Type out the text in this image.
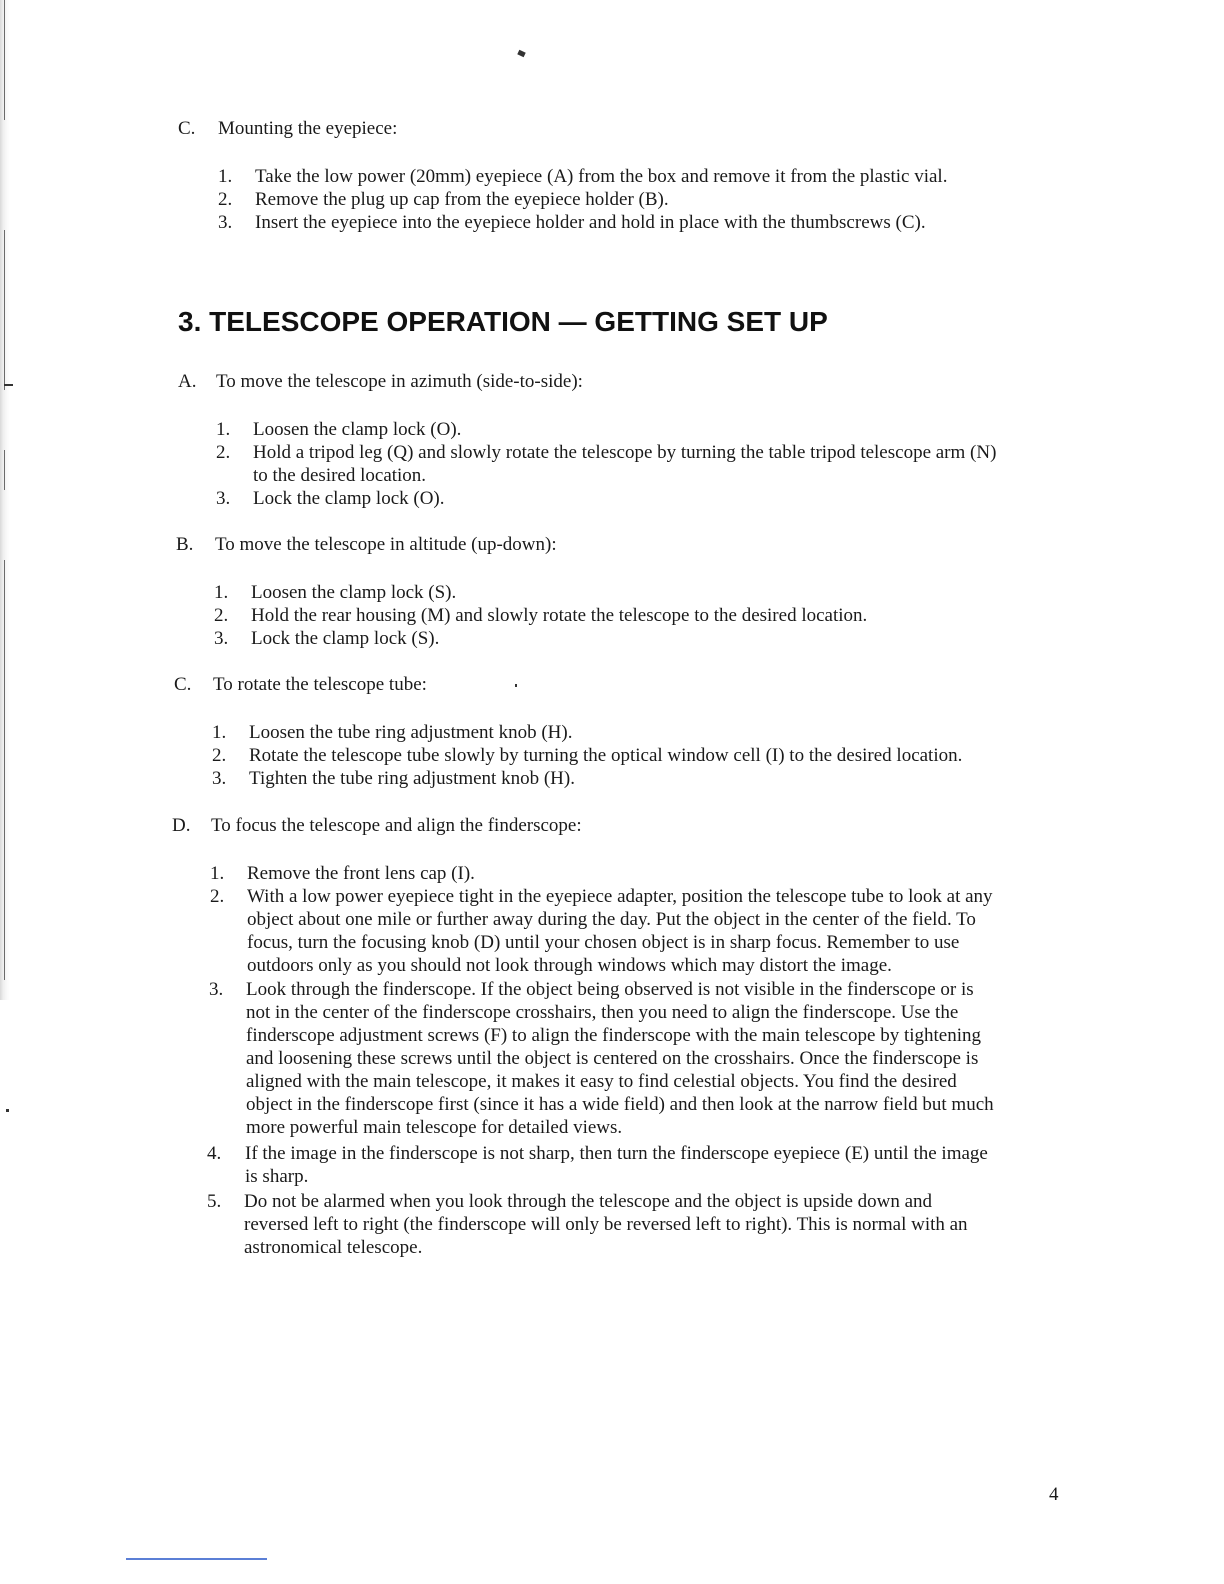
C. Mounting the eyepiece:
1. Take the low power (20mm) eyepiece (A) from the box and remove it from the plastic vial.
2. Remove the plug up cap from the eyepiece holder (B).
3. Insert the eyepiece into the eyepiece holder and hold in place with the thumbscrews (C).
3. TELESCOPE OPERATION — GETTING SET UP
A. To move the telescope in azimuth (side-to-side):
1. Loosen the clamp lock (O).
2. Hold a tripod leg (Q) and slowly rotate the telescope by turning the table tripod telescope arm (N)
to the desired location.
3. Lock the clamp lock (O).
B. To move the telescope in altitude (up-down):
1. Loosen the clamp lock (S).
2. Hold the rear housing (M) and slowly rotate the telescope to the desired location.
3. Lock the clamp lock (S).
C. To rotate the telescope tube:
1. Loosen the tube ring adjustment knob (H).
2. Rotate the telescope tube slowly by turning the optical window cell (I) to the desired location.
3. Tighten the tube ring adjustment knob (H).
D. To focus the telescope and align the finderscope:
1. Remove the front lens cap (I).
2. With a low power eyepiece tight in the eyepiece adapter, position the telescope tube to look at any
object about one mile or further away during the day. Put the object in the center of the field. To
focus, turn the focusing knob (D) until your chosen object is in sharp focus. Remember to use
outdoors only as you should not look through windows which may distort the image.
3. Look through the finderscope. If the object being observed is not visible in the finderscope or is
not in the center of the finderscope crosshairs, then you need to align the finderscope. Use the
finderscope adjustment screws (F) to align the finderscope with the main telescope by tightening
and loosening these screws until the object is centered on the crosshairs. Once the finderscope is
aligned with the main telescope, it makes it easy to find celestial objects. You find the desired
object in the finderscope first (since it has a wide field) and then look at the narrow field but much
more powerful main telescope for detailed views.
4. If the image in the finderscope is not sharp, then turn the finderscope eyepiece (E) until the image
is sharp.
5. Do not be alarmed when you look through the telescope and the object is upside down and
reversed left to right (the finderscope will only be reversed left to right). This is normal with an
astronomical telescope.
4
